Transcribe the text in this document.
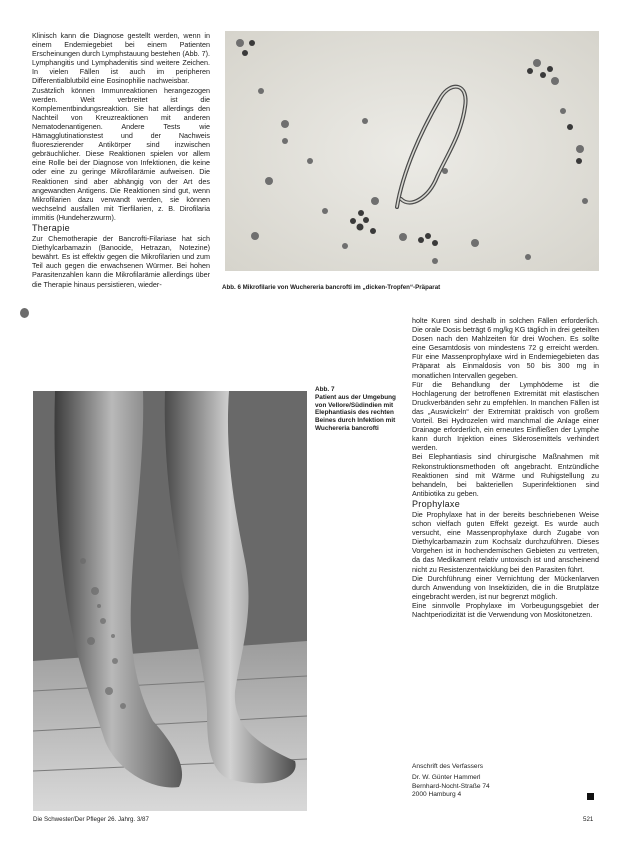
Klinisch kann die Diagnose gestellt werden, wenn in einem Endemiegebiet bei einem Patienten Erscheinungen durch Lymphstauung bestehen (Abb. 7). Lymphangitis und Lymphadenitis sind weitere Zeichen. In vielen Fällen ist auch im peripheren Differentialblutbild eine Eosinophilie nachweisbar.

Zusätzlich können Immunreaktionen herangezogen werden. Weit verbreitet ist die Komplementbindungsreaktion. Sie hat allerdings den Nachteil von Kreuzreaktionen mit anderen Nematodenantigenen. Andere Tests wie Hämagglutinationstest und der Nachweis fluoreszierender Antikörper sind inzwischen gebräuchlicher. Diese Reaktionen spielen vor allem eine Rolle bei der Diagnose von Infektionen, die keine oder eine zu geringe Mikrofilarämie aufweisen. Die Reaktionen sind aber abhängig von der Art des angewandten Antigens. Die Reaktionen sind gut, wenn Mikrofilarien dazu verwandt werden, sie können wechselnd ausfallen mit Tierfilarien, z. B. Dirofilaria immitis (Hundeherzwurm).

Therapie

Zur Chemotherapie der Bancrofti-Filariase hat sich Diethylcarbamazin (Banocide, Hetrazan, Notezine) bewährt. Es ist effektiv gegen die Mikrofilarien und zum Teil auch gegen die erwachsenen Würmer. Bei hohen Parasitenzahlen kann die Mikrofilarämie allerdings über die Therapie hinaus persistieren, wieder-	Abb. 6 Mikrofilarie von Wuchereria bancrofti im „dicken-Tropfen“-Präparat
Abb. 7
Patient aus der Umgebung von Vellore/Südindien mit Elephantiasis des rechten Beines durch Infektion mit Wuchereria bancrofti

holte Kuren sind deshalb in solchen Fällen erforderlich. Die orale Dosis beträgt 6 mg/kg KG täglich in drei geteilten Dosen nach den Mahlzeiten für drei Wochen. Es sollte eine Gesamtdosis von mindestens 72 g erreicht werden. Für eine Massenprophylaxe wird in Endemiegebieten das Präparat als Einmaldosis von 50 bis 300 mg in monatlichen Intervallen gegeben.

Für die Behandlung der Lymphödeme ist die Hochlagerung der betroffenen Extremität mit elastischen Druckverbänden sehr zu empfehlen. In manchen Fällen ist das „Auswickeln“ der Extremität praktisch von großem Vorteil. Bei Hydrozelen wird manchmal die Anlage einer Drainage erforderlich, ein erneutes Einfließen der Lymphe kann durch Injektion eines Sklerosemittels verhindert werden.

Bei Elephantiasis sind chirurgische Maßnahmen mit Rekonstruktionsmethoden oft angebracht. Entzündliche Reaktionen sind mit Wärme und Ruhigstellung zu behandeln, bei bakteriellen Superinfektionen sind Antibiotika zu geben.

Prophylaxe

Die Prophylaxe hat in der bereits beschriebenen Weise schon vielfach guten Effekt gezeigt. Es wurde auch versucht, eine Massenprophylaxe durch Zugabe von Diethylcarbamazin zum Kochsalz durchzuführen. Dieses Vorgehen ist in hochendemischen Gebieten zu vertreten, da das Medikament relativ untoxisch ist und anscheinend nicht zu Resistenzentwicklung bei den Parasiten führt.

Die Durchführung einer Vernichtung der Mückenlarven durch Anwendung von Insektiziden, die in die Brutplätze eingebracht werden, ist nur begrenzt möglich.

Eine sinnvolle Prophylaxe im Vorbeugungsgebiet der Nachtperiodizität ist die Verwendung von Moskitonetzen.

Anschrift des Verfassers
Dr. W. Günter Hammerl
Bernhard-Nocht-Straße 74
2000 Hamburg 4
Die Schwester/Der Pfleger 26. Jahrg. 3/87	521
